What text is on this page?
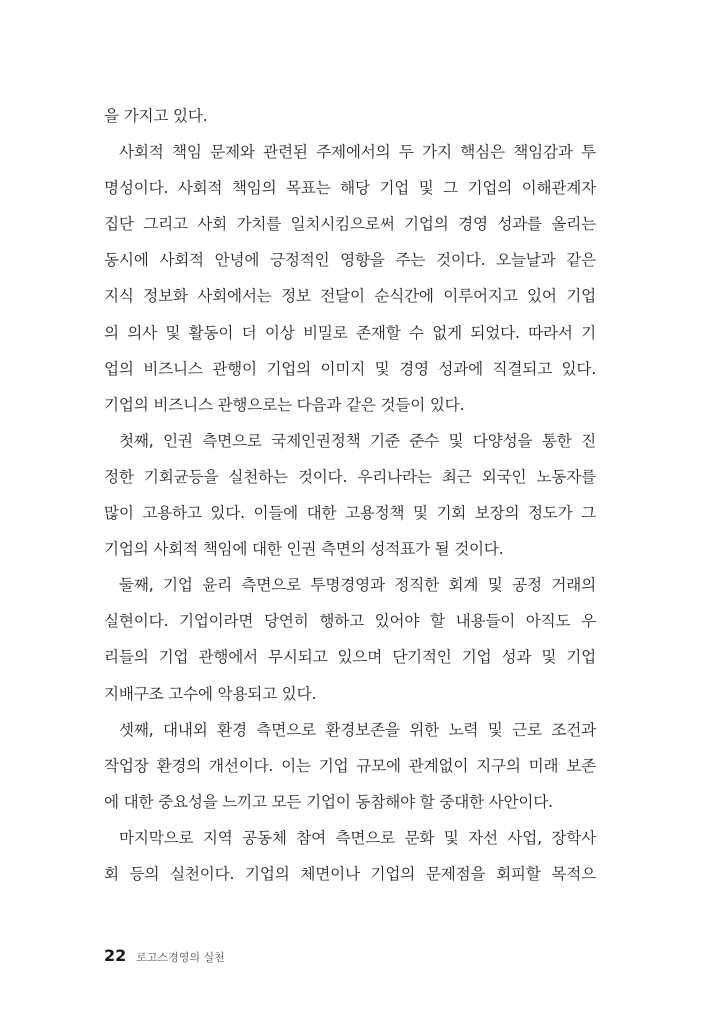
을 가지고 있다.
사회적 책임 문제와 관련된 주제에서의 두 가지 핵심은 책임감과 투
명성이다. 사회적 책임의 목표는 해당 기업 및 그 기업의 이해관계자
집단 그리고 사회 가치를 일치시킴으로써 기업의 경영 성과를 올리는
동시에 사회적 안녕에 긍정적인 영향을 주는 것이다. 오늘날과 같은
지식 정보화 사회에서는 정보 전달이 순식간에 이루어지고 있어 기업
의 의사 및 활동이 더 이상 비밀로 존재할 수 없게 되었다. 따라서 기
업의 비즈니스 관행이 기업의 이미지 및 경영 성과에 직결되고 있다.
기업의 비즈니스 관행으로는 다음과 같은 것들이 있다.
첫째, 인권 측면으로 국제인권정책 기준 준수 및 다양성을 통한 진
정한 기회균등을 실천하는 것이다. 우리나라는 최근 외국인 노동자를
많이 고용하고 있다. 이들에 대한 고용정책 및 기회 보장의 정도가 그
기업의 사회적 책임에 대한 인권 측면의 성적표가 될 것이다.
둘째, 기업 윤리 측면으로 투명경영과 정직한 회계 및 공정 거래의
실현이다. 기업이라면 당연히 행하고 있어야 할 내용들이 아직도 우
리들의 기업 관행에서 무시되고 있으며 단기적인 기업 성과 및 기업
지배구조 고수에 악용되고 있다.
셋째, 대내외 환경 측면으로 환경보존을 위한 노력 및 근로 조건과
작업장 환경의 개선이다. 이는 기업 규모에 관계없이 지구의 미래 보존
에 대한 중요성을 느끼고 모든 기업이 동참해야 할 중대한 사안이다.
마지막으로 지역 공동체 참여 측면으로 문화 및 자선 사업, 장학사
회 등의 실천이다. 기업의 체면이나 기업의 문제점을 회피할 목적으
22 로고스경영의 실천
